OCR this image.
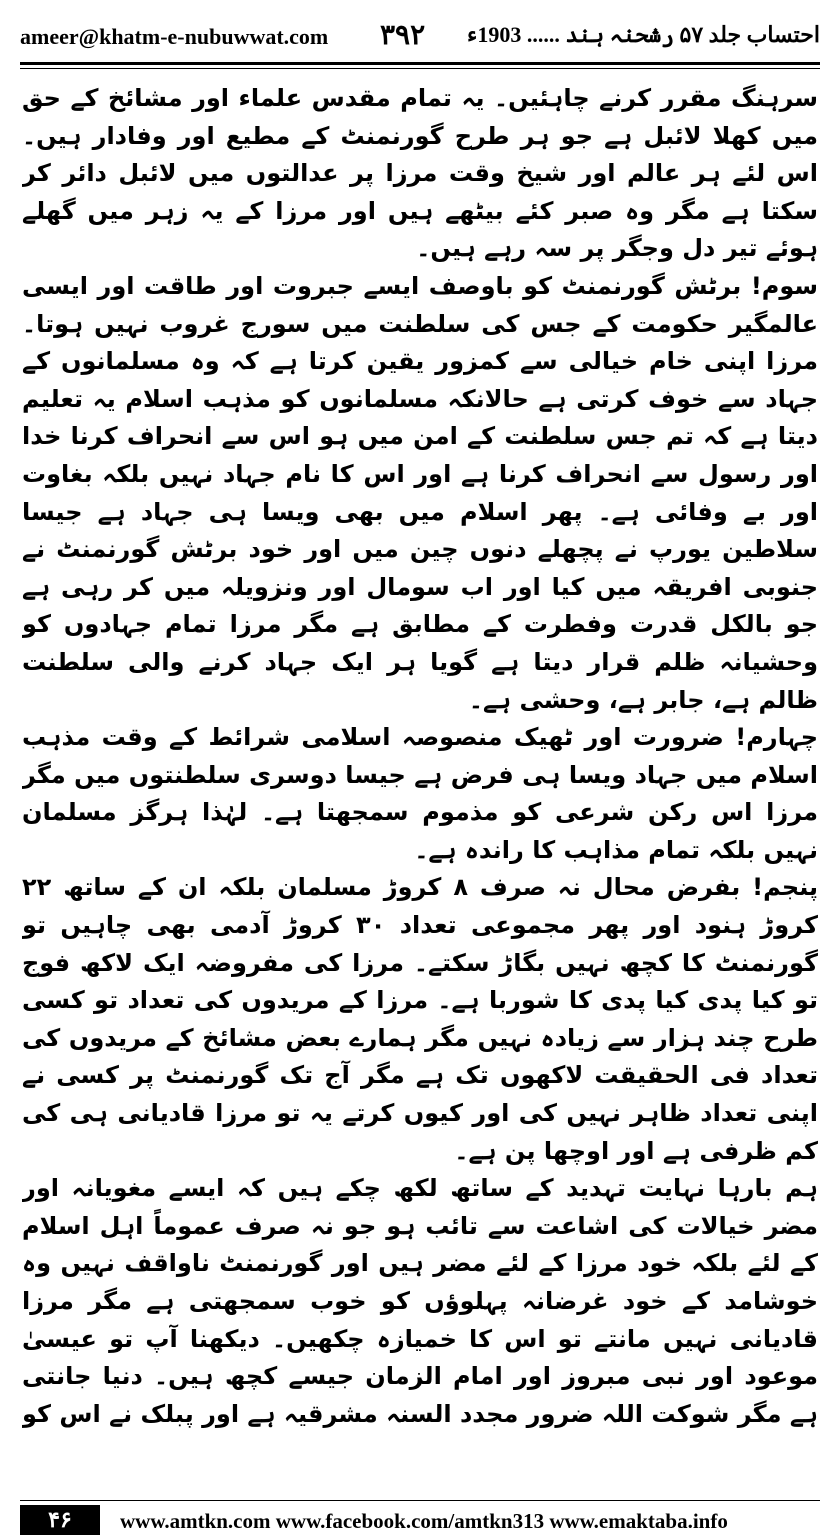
ameer@khatm-e-nubuwwat.com ۳۹۲ احتساب جلد ۵۷ رشحنہ ہند ...... 1903ء

سرہنگ مقرر کرنے چاہئیں۔ یہ تمام مقدس علماء اور مشائخ کے حق میں کھلا لائبل ہے جو ہر طرح گورنمنٹ کے مطیع اور وفادار ہیں۔ اس لئے ہر عالم اور شیخ وقت مرزا پر عدالتوں میں لائبل دائر کر سکتا ہے مگر وہ صبر کئے بیٹھے ہیں اور مرزا کے یہ زہر میں گھلے ہوئے تیر دل وجگر پر سہ رہے ہیں۔

سوم! برٹش گورنمنٹ کو باوصف ایسے جبروت اور طاقت اور ایسی عالمگیر حکومت کے جس کی سلطنت میں سورج غروب نہیں ہوتا۔ مرزا اپنی خام خیالی سے کمزور یقین کرتا ہے کہ وہ مسلمانوں کے جہاد سے خوف کرتی ہے حالانکہ مسلمانوں کو مذہب اسلام یہ تعلیم دیتا ہے کہ تم جس سلطنت کے امن میں ہو اس سے انحراف کرنا خدا اور رسول سے انحراف کرنا ہے اور اس کا نام جہاد نہیں بلکہ بغاوت اور بے وفائی ہے۔ پھر اسلام میں بھی ویسا ہی جہاد ہے جیسا سلاطین یورپ نے پچھلے دنوں چین میں اور خود برٹش گورنمنٹ نے جنوبی افریقہ میں کیا اور اب سومال اور ونزویلہ میں کر رہی ہے جو بالکل قدرت وفطرت کے مطابق ہے مگر مرزا تمام جہادوں کو وحشیانہ ظلم قرار دیتا ہے گویا ہر ایک جہاد کرنے والی سلطنت ظالم ہے، جابر ہے، وحشی ہے۔

چہارم! ضرورت اور ٹھیک منصوصہ اسلامی شرائط کے وقت مذہب اسلام میں جہاد ویسا ہی فرض ہے جیسا دوسری سلطنتوں میں مگر مرزا اس رکن شرعی کو مذموم سمجھتا ہے۔ لہٰذا ہرگز مسلمان نہیں بلکہ تمام مذاہب کا راندہ ہے۔

پنجم! بفرض محال نہ صرف ۸ کروڑ مسلمان بلکہ ان کے ساتھ ۲۲ کروڑ ہنود اور پھر مجموعی تعداد ۳۰ کروڑ آدمی بھی چاہیں تو گورنمنٹ کا کچھ نہیں بگاڑ سکتے۔ مرزا کی مفروضہ ایک لاکھ فوج تو کیا پدی کیا پدی کا شوربا ہے۔ مرزا کے مریدوں کی تعداد تو کسی طرح چند ہزار سے زیادہ نہیں مگر ہمارے بعض مشائخ کے مریدوں کی تعداد فی الحقیقت لاکھوں تک ہے مگر آج تک گورنمنٹ پر کسی نے اپنی تعداد ظاہر نہیں کی اور کیوں کرتے یہ تو مرزا قادیانی ہی کی کم ظرفی ہے اور اوچھا پن ہے۔

ہم بارہا نہایت تہدید کے ساتھ لکھ چکے ہیں کہ ایسے مغویانہ اور مضر خیالات کی اشاعت سے تائب ہو جو نہ صرف عموماً اہل اسلام کے لئے بلکہ خود مرزا کے لئے مضر ہیں اور گورنمنٹ ناواقف نہیں وہ خوشامد کے خود غرضانہ پہلوؤں کو خوب سمجھتی ہے مگر مرزا قادیانی نہیں مانتے تو اس کا خمیازہ چکھیں۔ دیکھنا آپ تو عیسیٰ موعود اور نبی مبروز اور امام الزمان جیسے کچھ ہیں۔ دنیا جانتی ہے مگر شوکت اللہ ضرور مجدد السنہ مشرقیہ ہے اور پبلک نے اس کو

۴۶	www.amtkn.com www.facebook.com/amtkn313 www.emaktaba.info
